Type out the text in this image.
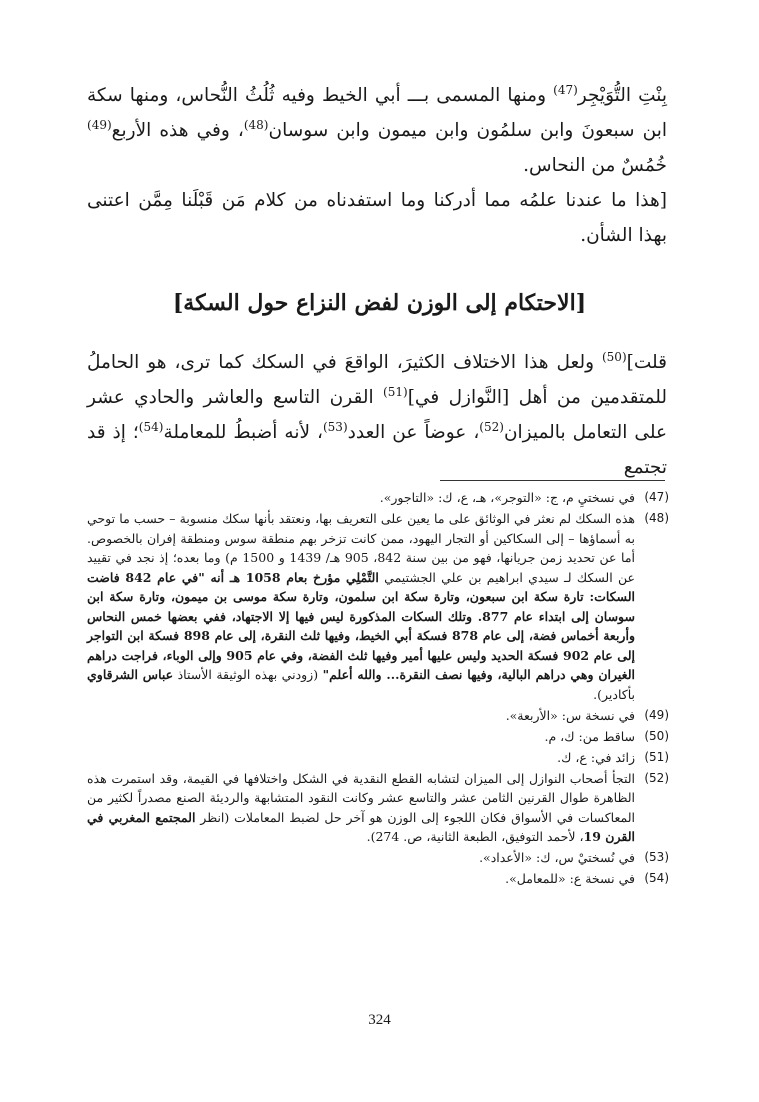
بِنْتِ التُّوَيْجِر$^{(47)}$ ومنها المسمى بـــ أبي الخيط وفيه ثُلُثُ النُّحاس، ومنها سكة ابن سبعونَ وابن سلمُون وابن ميمون وابن سوسان$^{(48)}$، وفي هذه الأربع$^{(49)}$ خُمُسٌ من النحاس.

[هذا ما عندنا علمُه مما أدركنا وما استفدناه من كلام مَن قَبْلَنا مِمَّن اعتنى بهذا الشأن.

[الاحتكام إلى الوزن لفض النزاع حول السكة]

قلت]$^{(50)}$ ولعل هذا الاختلاف الكثيرَ، الواقعَ في السكك كما ترى، هو الحاملُ للمتقدمين من أهل [النَّوازل في]$^{(51)}$ القرن التاسع والعاشر والحادي عشر على التعامل بالميزان$^{(52)}$، عوضاً عن العدد$^{(53)}$، لأنه أضبطُ للمعاملة$^{(54)}$؛ إذ قد تجتمع

(47)
في نسختيِ م، ج: «التوجر»، هـ، ع، ك: «التاجور».
(48)
هذه السكك لم نعثر في الوثائق على ما يعين على التعريف بها، ونعتقد بأنها سكك منسوبة – حسب ما توحي به أسماؤها – إلى السكاكين أو التجار اليهود، ممن كانت تزخر بهم منطقة سوس ومنطقة إفران بالخصوص. أما عن تحديد زمن جريانها، فهو من بين سنة 842، 905 هـ/ 1439 و 1500 م) وما بعده؛ إذ نجد في تقييد عن السكك لـ سيدي ابراهيم بن علي الجشتيمي التَّمْلِي مؤرخ بعام 1058 هـ أنه "في عام 842 فاضت السكات: تارة سكة ابن سبعون، وتارة سكة ابن سلمون، وتارة سكة موسى بن ميمون، وتارة سكة ابن سوسان إلى ابتداء عام 877. وتلك السكات المذكورة ليس فيها إلا الاجتهاد، ففي بعضها خمس النحاس وأربعة أخماس فضة، إلى عام 878 فسكة أبي الخيط، وفيها ثلث النقرة، إلى عام 898 فسكة ابن التواجر إلى عام 902 فسكة الحديد وليس عليها أمير وفيها ثلث الفضة، وفي عام 905 وإلى الوباء، فراجت دراهم الغيران وهي دراهم البالية، وفيها نصف النقرة... والله أعلم" (زودني بهذه الوثيقة الأستاذ عباس الشرقاوي بأكادير).
(49)
في نسخة س: «الأربعة».
(50)
ساقط من: ك، م.
(51)
زائد في: ع، ك.
(52)
التجأ أصحاب النوازل إلى الميزان لتشابه القطع النقدية في الشكل واختلافها في القيمة، وقد استمرت هذه الظاهرة طوال القرنين الثامن عشر والتاسع عشر وكانت النقود المتشابهة والرديئة الصنع مصدراً لكثير من المعاكسات في الأسواق فكان اللجوء إلى الوزن هو آخر حل لضبط المعاملات (انظر المجتمع المغربي في القرن 19، لأحمد التوفيق، الطبعة الثانية، ص. 274).
(53)
في نُسختيْ س، ك: «الأعداد».
(54)
في نسخة ع: «للمعامل».
324
